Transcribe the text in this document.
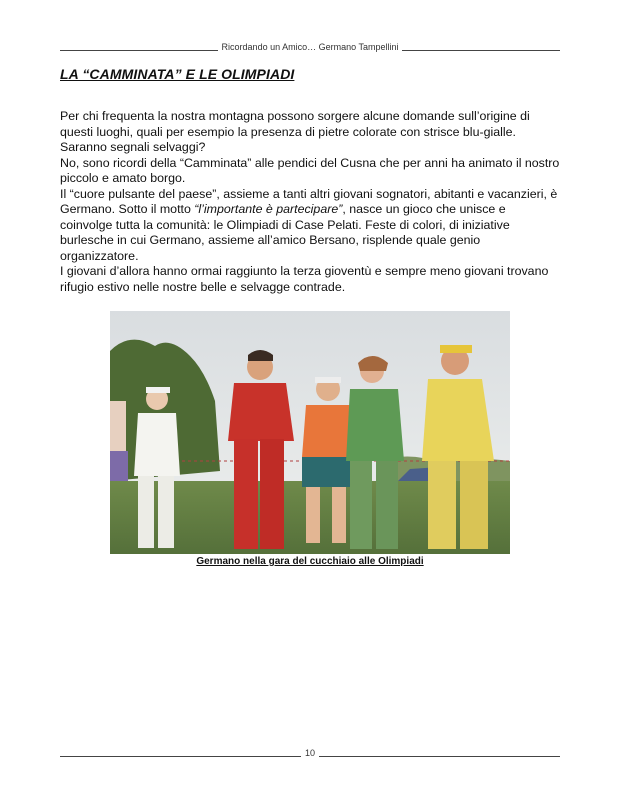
Ricordando un Amico… Germano Tampellini
LA “CAMMINATA” E LE OLIMPIADI

Per chi frequenta la nostra montagna possono sorgere alcune domande sull’origine di questi luoghi, quali per esempio la presenza di pietre colorate con strisce blu-gialle. Saranno segnali selvaggi?

No, sono ricordi della “Camminata” alle pendici del Cusna che per anni ha animato il nostro piccolo e amato borgo.

Il “cuore pulsante del paese”, assieme a tanti altri giovani sognatori, abitanti e vacanzieri, è Germano. Sotto il motto “l’importante è partecipare”, nasce un gioco che unisce e coinvolge tutta la comunità: le Olimpiadi di Case Pelati. Feste di colori, di iniziative burlesche in cui Germano, assieme all’amico Bersano, risplende quale genio organizzatore.

I giovani d’allora hanno ormai raggiunto la terza gioventù e sempre meno giovani trovano rifugio estivo nelle nostre belle e selvagge contrade.

Germano nella gara del cucchiaio alle Olimpiadi
10
